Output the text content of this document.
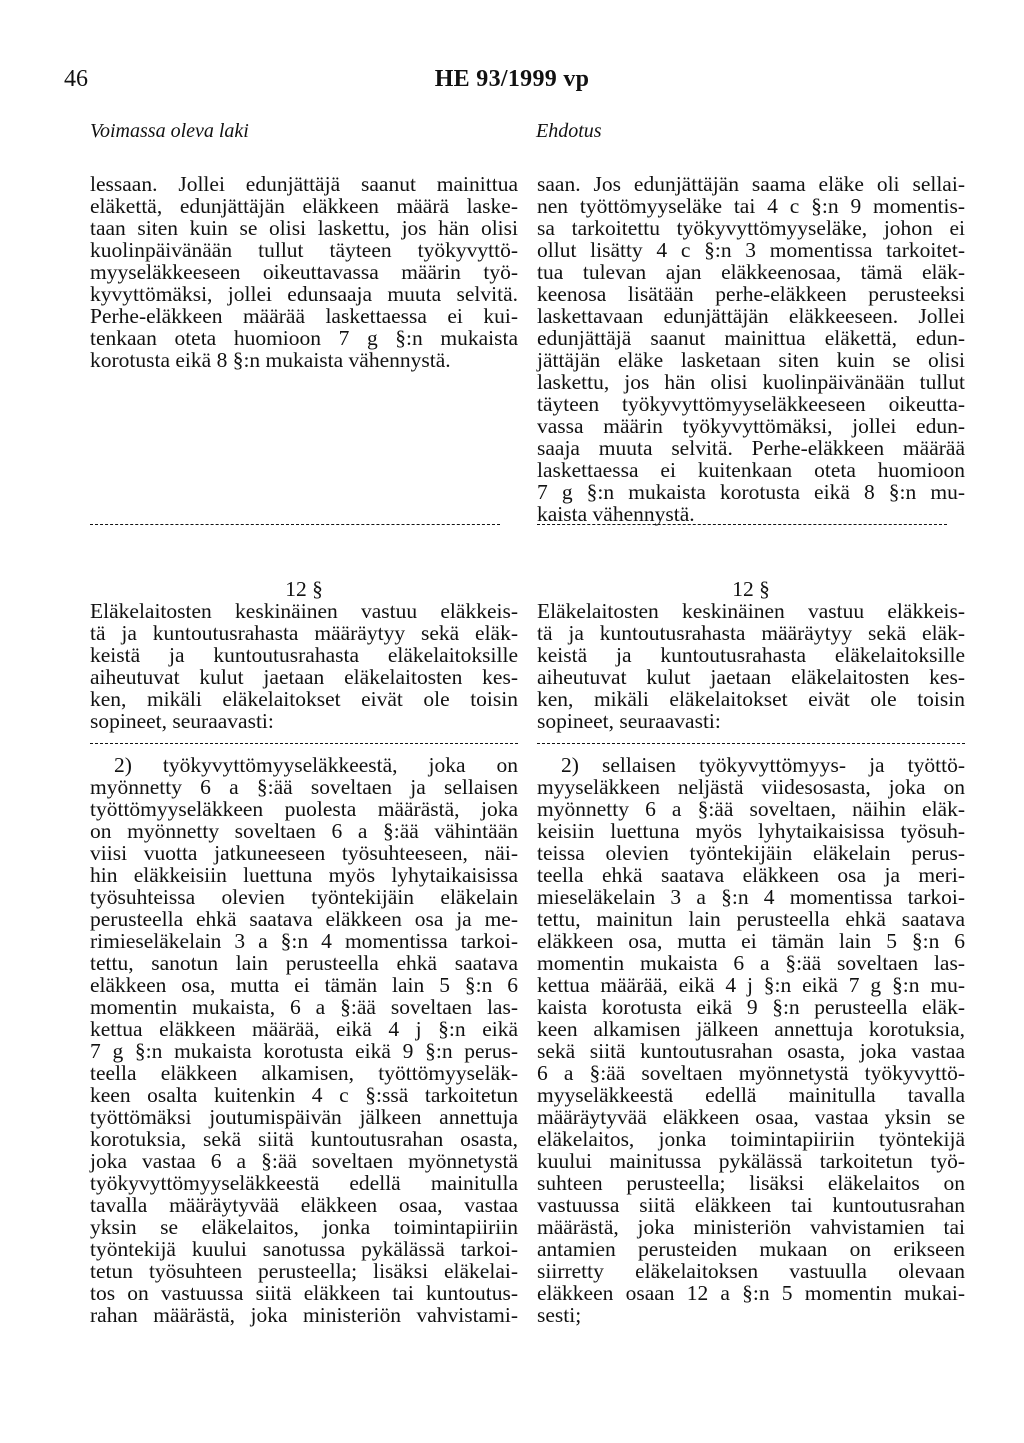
46	HE 93/1999 vp
Voimassa oleva laki	Ehdotus
lessaan. Jollei edunjättäjä saanut mainittua
eläkettä, edunjättäjän eläkkeen määrä laske-
taan siten kuin se olisi laskettu, jos hän olisi
kuolinpäivänään tullut täyteen työkyvyttö-
myyseläkkeeseen oikeuttavassa määrin työ-
kyvyttömäksi, jollei edunsaaja muuta selvitä.
Perhe-eläkkeen määrää laskettaessa ei kui-
tenkaan oteta huomioon 7 g §:n mukaista
korotusta eikä 8 §:n mukaista vähennystä.
12 §
Eläkelaitosten keskinäinen vastuu eläkkeis-
tä ja kuntoutusrahasta määräytyy sekä eläk-
keistä ja kuntoutusrahasta eläkelaitoksille
aiheutuvat kulut jaetaan eläkelaitosten kes-
ken, mikäli eläkelaitokset eivät ole toisin
sopineet, seuraavasti:
2) työkyvyttömyyseläkkeestä, joka on
myönnetty 6 a §:ää soveltaen ja sellaisen
työttömyyseläkkeen puolesta määrästä, joka
on myönnetty soveltaen 6 a §:ää vähintään
viisi vuotta jatkuneeseen työsuhteeseen, näi-
hin eläkkeisiin luettuna myös lyhytaikaisissa
työsuhteissa olevien työntekijäin eläkelain
perusteella ehkä saatava eläkkeen osa ja me-
rimieseläkelain 3 a §:n 4 momentissa tarkoi-
tettu, sanotun lain perusteella ehkä saatava
eläkkeen osa, mutta ei tämän lain 5 §:n 6
momentin mukaista, 6 a §:ää soveltaen las-
kettua eläkkeen määrää, eikä 4 j §:n eikä
7 g §:n mukaista korotusta eikä 9 §:n perus-
teella eläkkeen alkamisen, työttömyyseläk-
keen osalta kuitenkin 4 c §:ssä tarkoitetun
työttömäksi joutumispäivän jälkeen annettuja
korotuksia, sekä siitä kuntoutusrahan osasta,
joka vastaa 6 a §:ää soveltaen myönnetystä
työkyvyttömyyseläkkeestä edellä mainitulla
tavalla määräytyvää eläkkeen osaa, vastaa
yksin se eläkelaitos, jonka toimintapiiriin
työntekijä kuului sanotussa pykälässä tarkoi-
tetun työsuhteen perusteella; lisäksi eläkelai-
tos on vastuussa siitä eläkkeen tai kuntoutus-
rahan määrästä, joka ministeriön vahvistami-
saan. Jos edunjättäjän saama eläke oli sellai-
nen työttömyyseläke tai 4 c §:n 9 momentis-
sa tarkoitettu työkyvyttömyyseläke, johon ei
ollut lisätty 4 c §:n 3 momentissa tarkoitet-
tua tulevan ajan eläkkeenosaa, tämä eläk-
keenosa lisätään perhe-eläkkeen perusteeksi
laskettavaan edunjättäjän eläkkeeseen. Jollei
edunjättäjä saanut mainittua eläkettä, edun-
jättäjän eläke lasketaan siten kuin se olisi
laskettu, jos hän olisi kuolinpäivänään tullut
täyteen työkyvyttömyyseläkkeeseen oikeutta-
vassa määrin työkyvyttömäksi, jollei edun-
saaja muuta selvitä. Perhe-eläkkeen määrää
laskettaessa ei kuitenkaan oteta huomioon
7 g §:n mukaista korotusta eikä 8 §:n mu-
kaista vähennystä.
12 §
Eläkelaitosten keskinäinen vastuu eläkkeis-
tä ja kuntoutusrahasta määräytyy sekä eläk-
keistä ja kuntoutusrahasta eläkelaitoksille
aiheutuvat kulut jaetaan eläkelaitosten kes-
ken, mikäli eläkelaitokset eivät ole toisin
sopineet, seuraavasti:
2) sellaisen työkyvyttömyys- ja työttö-
myyseläkkeen neljästä viidesosasta, joka on
myönnetty 6 a §:ää soveltaen, näihin eläk-
keisiin luettuna myös lyhytaikaisissa työsuh-
teissa olevien työntekijäin eläkelain perus-
teella ehkä saatava eläkkeen osa ja meri-
mieseläkelain 3 a §:n 4 momentissa tarkoi-
tettu, mainitun lain perusteella ehkä saatava
eläkkeen osa, mutta ei tämän lain 5 §:n 6
momentin mukaista 6 a §:ää soveltaen las-
kettua määrää, eikä 4 j §:n eikä 7 g §:n mu-
kaista korotusta eikä 9 §:n perusteella eläk-
keen alkamisen jälkeen annettuja korotuksia,
sekä siitä kuntoutusrahan osasta, joka vastaa
6 a §:ää soveltaen myönnetystä työkyvyttö-
myyseläkkeestä edellä mainitulla tavalla
määräytyvää eläkkeen osaa, vastaa yksin se
eläkelaitos, jonka toimintapiiriin työntekijä
kuului mainitussa pykälässä tarkoitetun työ-
suhteen perusteella; lisäksi eläkelaitos on
vastuussa siitä eläkkeen tai kuntoutusrahan
määrästä, joka ministeriön vahvistamien tai
antamien perusteiden mukaan on erikseen
siirretty eläkelaitoksen vastuulla olevaan
eläkkeen osaan 12 a §:n 5 momentin mukai-
sesti;
